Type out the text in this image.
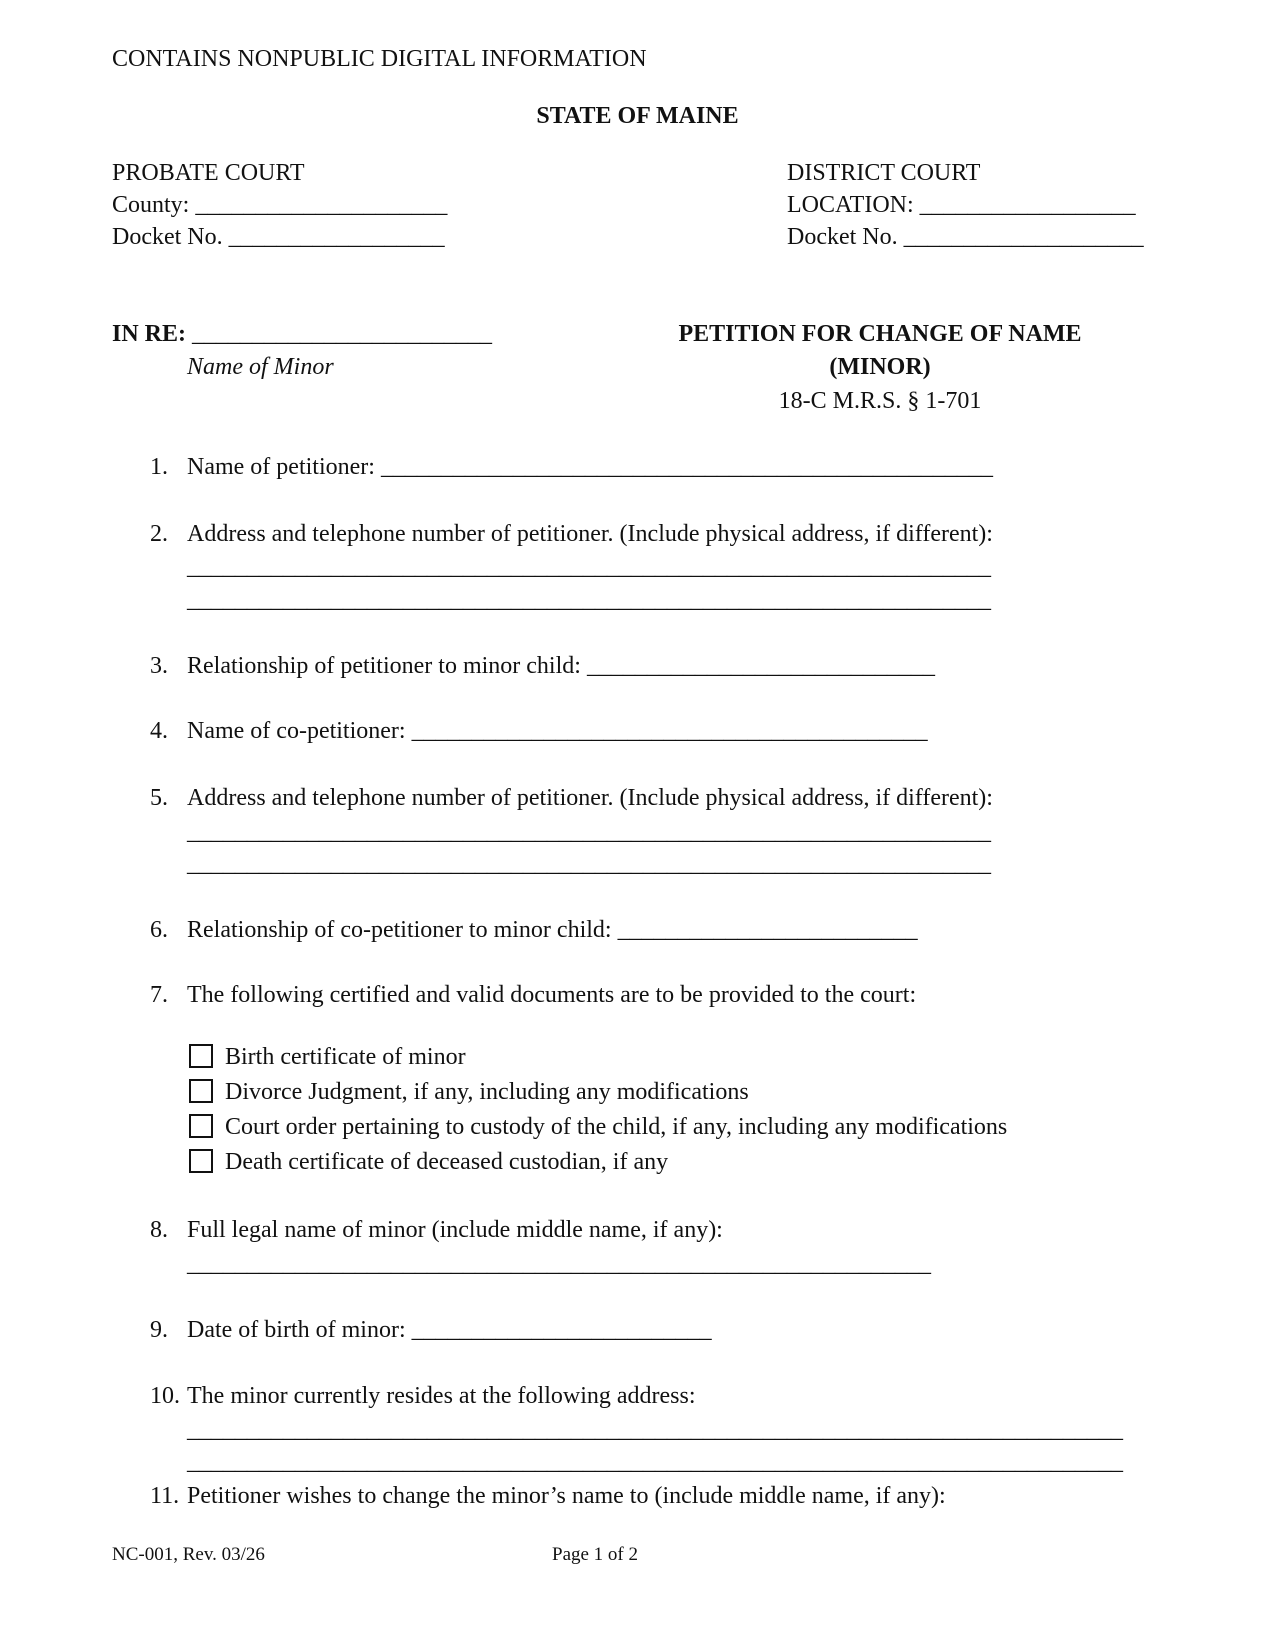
CONTAINS NONPUBLIC DIGITAL INFORMATION
STATE OF MAINE
PROBATE COURT
County: _____________________
Docket No. __________________
DISTRICT COURT
LOCATION: __________________
Docket No. ____________________
IN RE: _________________________
Name of Minor
PETITION FOR CHANGE OF NAME
(MINOR)
18-C M.R.S. § 1-701
1. Name of petitioner: ___________________________________________________
2. Address and telephone number of petitioner. (Include physical address, if different):
___________________________________________________________________
___________________________________________________________________
3. Relationship of petitioner to minor child: _____________________________
4. Name of co-petitioner: ___________________________________________
5. Address and telephone number of petitioner. (Include physical address, if different):
___________________________________________________________________
___________________________________________________________________
6. Relationship of co-petitioner to minor child: _________________________
7. The following certified and valid documents are to be provided to the court:
Birth certificate of minor
Divorce Judgment, if any, including any modifications
Court order pertaining to custody of the child, if any, including any modifications
Death certificate of deceased custodian, if any
8. Full legal name of minor (include middle name, if any):
______________________________________________________________
9. Date of birth of minor: _________________________
10. The minor currently resides at the following address:
______________________________________________________________________________
______________________________________________________________________________
11. Petitioner wishes to change the minor’s name to (include middle name, if any):
NC-001, Rev. 03/26	Page 1 of 2
